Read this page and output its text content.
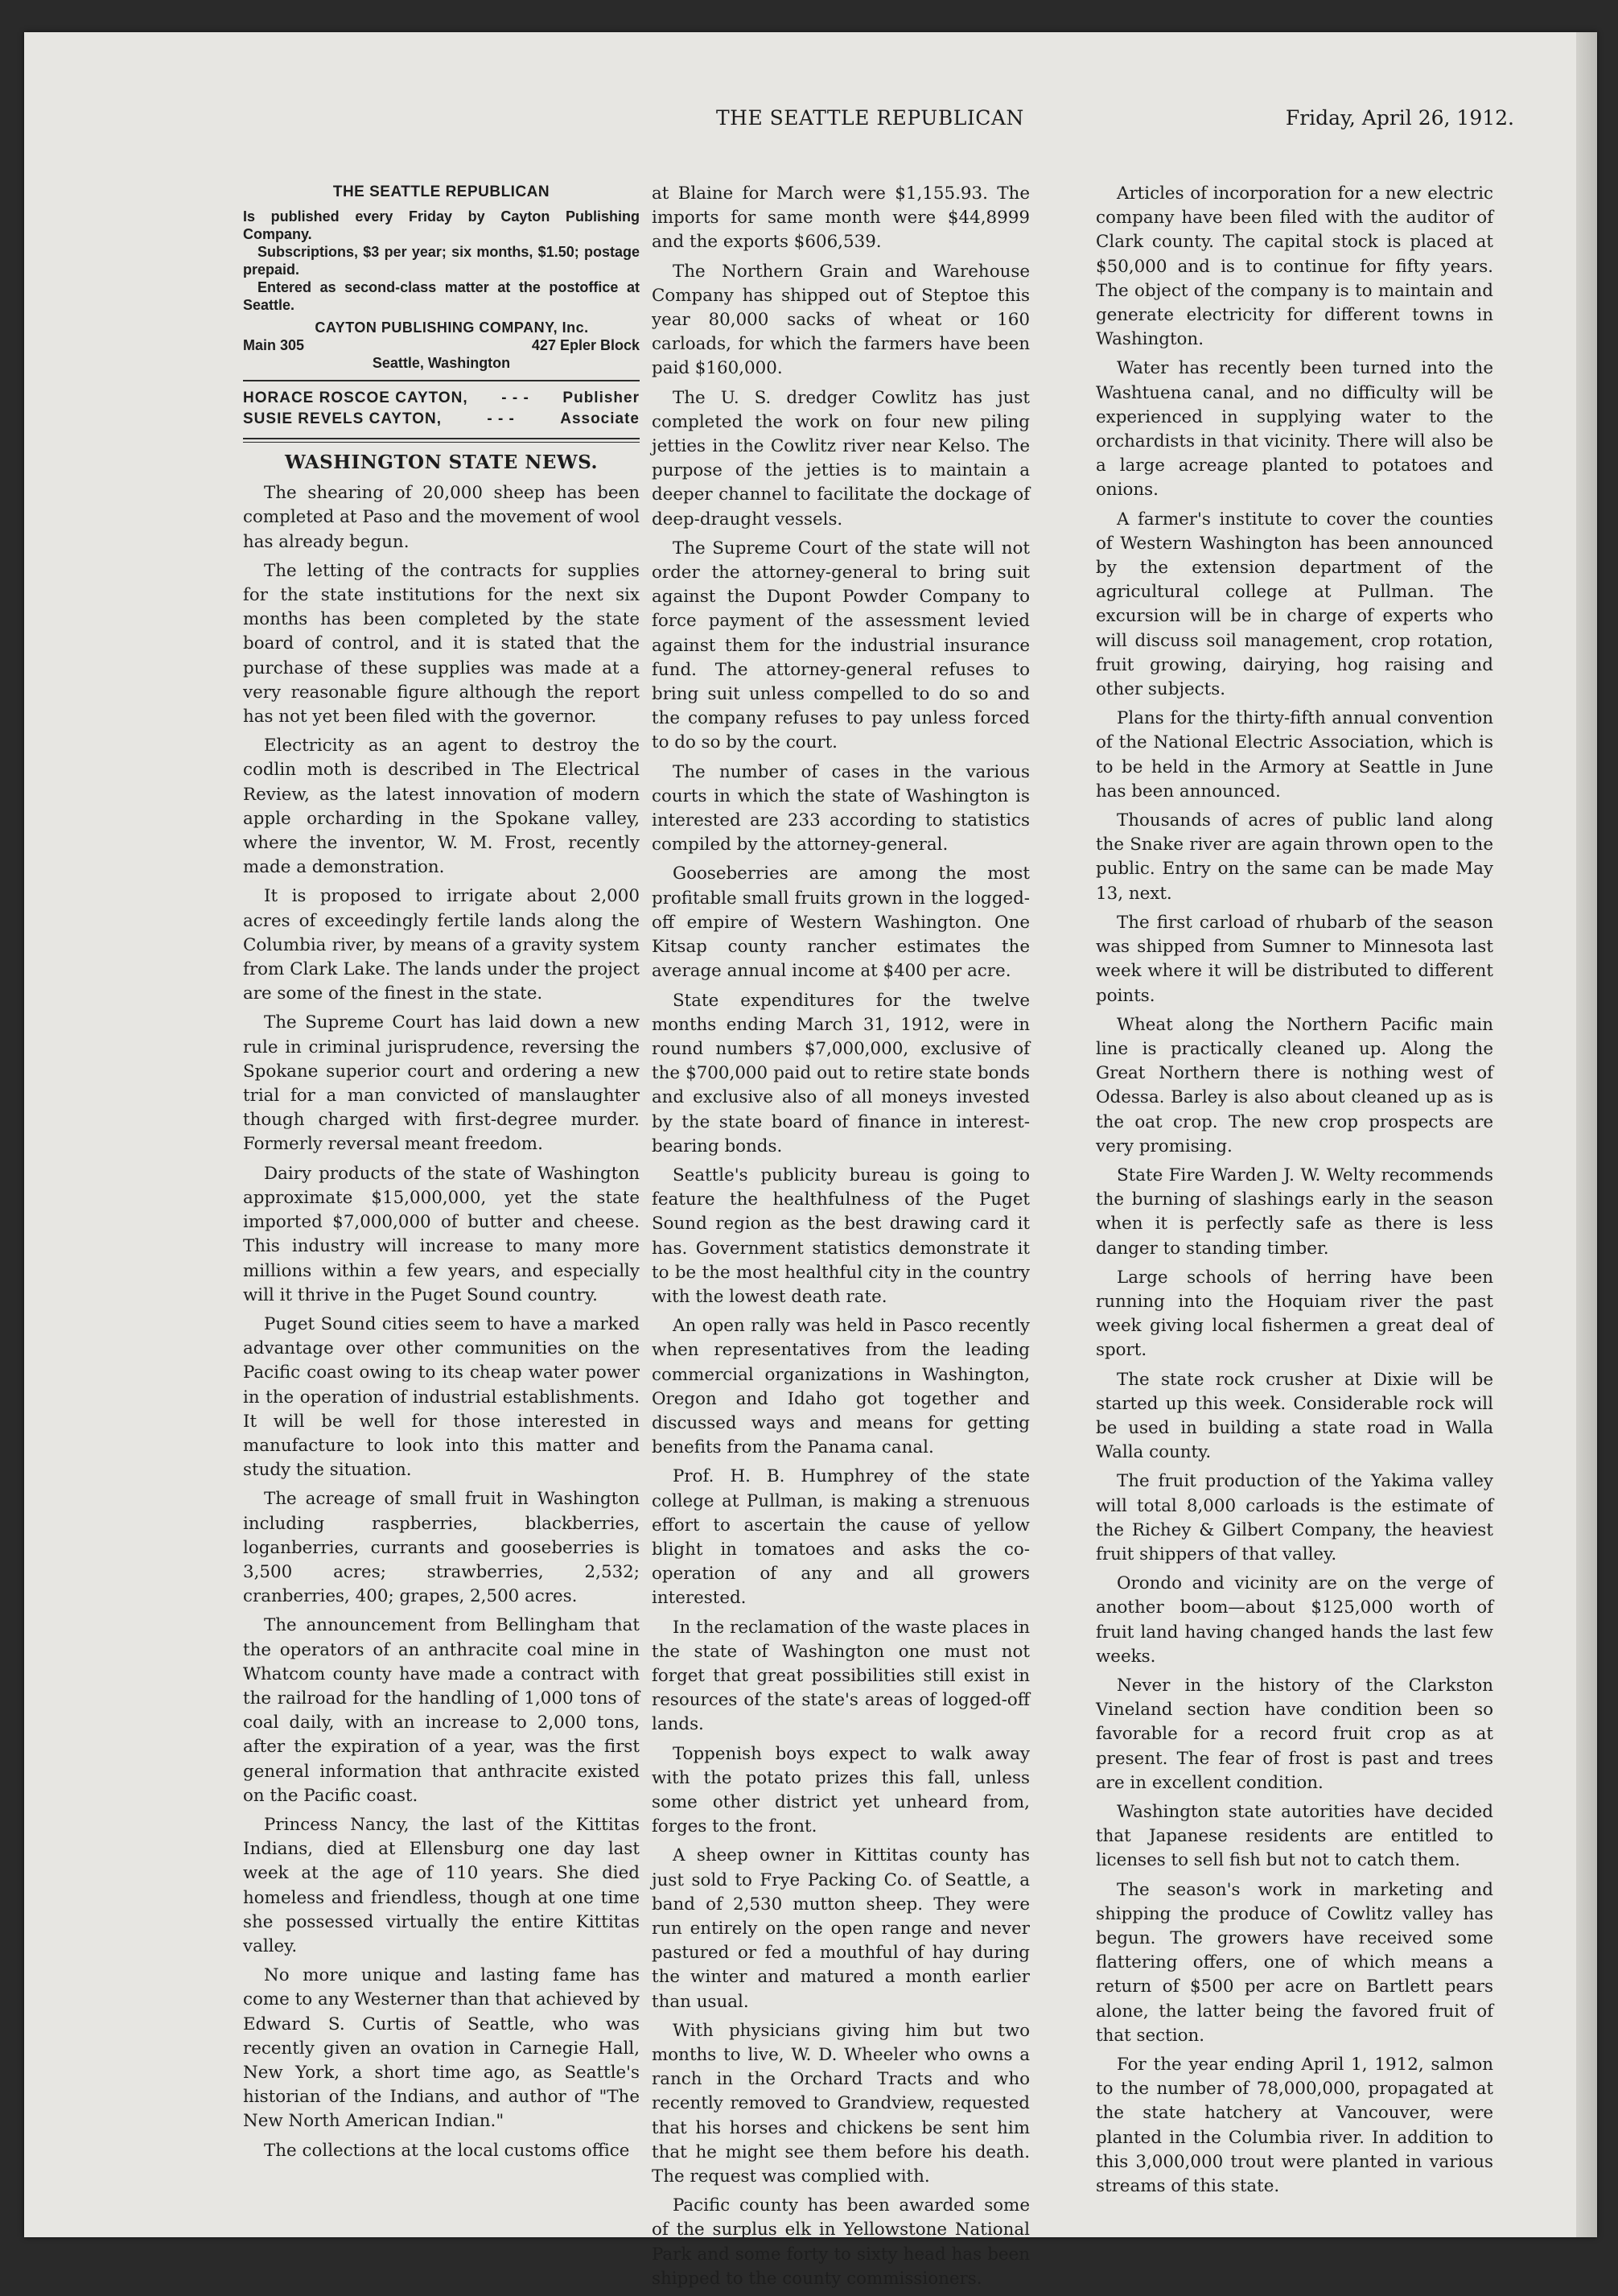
THE SEATTLE REPUBLICAN	Friday, April 26, 1912.
THE SEATTLE REPUBLICAN

Is published every Friday by Cayton Publishing Company.

Subscriptions, $3 per year; six months, $1.50; postage prepaid.

Entered as second-class matter at the postoffice at Seattle.

CAYTON PUBLISHING COMPANY, Inc.

Main 305	427 Epler Block
Seattle, Washington
HORACE ROSCOE CAYTON, - - - Publisher
SUSIE REVELS CAYTON,	- - -	Associate
WASHINGTON STATE NEWS.

The shearing of 20,000 sheep has been completed at Paso and the movement of wool has already begun.

The letting of the contracts for supplies for the state institutions for the next six months has been completed by the state board of control, and it is stated that the purchase of these supplies was made at a very reasonable figure although the report has not yet been filed with the governor.

Electricity as an agent to destroy the codlin moth is described in The Electrical Review, as the latest innovation of modern apple orcharding in the Spokane valley, where the inventor, W. M. Frost, recently made a demonstration.

It is proposed to irrigate about 2,000 acres of exceedingly fertile lands along the Columbia river, by means of a gravity system from Clark Lake. The lands under the project are some of the finest in the state.

The Supreme Court has laid down a new rule in criminal jurisprudence, reversing the Spokane superior court and ordering a new trial for a man convicted of manslaughter though charged with first-degree murder. Formerly reversal meant freedom.

Dairy products of the state of Washington approximate $15,000,000, yet the state imported $7,000,000 of butter and cheese. This industry will increase to many more millions within a few years, and especially will it thrive in the Puget Sound country.

Puget Sound cities seem to have a marked advantage over other communities on the Pacific coast owing to its cheap water power in the operation of industrial establishments. It will be well for those interested in manufacture to look into this matter and study the situation.

The acreage of small fruit in Washington including raspberries, blackberries, loganberries, currants and gooseberries is 3,500 acres; strawberries, 2,532; cranberries, 400; grapes, 2,500 acres.

The announcement from Bellingham that the operators of an anthracite coal mine in Whatcom county have made a contract with the railroad for the handling of 1,000 tons of coal daily, with an increase to 2,000 tons, after the expiration of a year, was the first general information that anthracite existed on the Pacific coast.

Princess Nancy, the last of the Kittitas Indians, died at Ellensburg one day last week at the age of 110 years. She died homeless and friendless, though at one time she possessed virtually the entire Kittitas valley.

No more unique and lasting fame has come to any Westerner than that achieved by Edward S. Curtis of Seattle, who was recently given an ovation in Carnegie Hall, New York, a short time ago, as Seattle's historian of the Indians, and author of "The New North American Indian."

The collections at the local customs office

at Blaine for March were $1,155.93. The imports for same month were $44,8999 and the exports $606,539.

The Northern Grain and Warehouse Company has shipped out of Steptoe this year 80,000 sacks of wheat or 160 carloads, for which the farmers have been paid $160,000.

The U. S. dredger Cowlitz has just completed the work on four new piling jetties in the Cowlitz river near Kelso. The purpose of the jetties is to maintain a deeper channel to facilitate the dockage of deep-draught vessels.

The Supreme Court of the state will not order the attorney-general to bring suit against the Dupont Powder Company to force payment of the assessment levied against them for the industrial insurance fund. The attorney-general refuses to bring suit unless compelled to do so and the company refuses to pay unless forced to do so by the court.

The number of cases in the various courts in which the state of Washington is interested are 233 according to statistics compiled by the attorney-general.

Gooseberries are among the most profitable small fruits grown in the logged-off empire of Western Washington. One Kitsap county rancher estimates the average annual income at $400 per acre.

State expenditures for the twelve months ending March 31, 1912, were in round numbers $7,000,000, exclusive of the $700,000 paid out to retire state bonds and exclusive also of all moneys invested by the state board of finance in interest-bearing bonds.

Seattle's publicity bureau is going to feature the healthfulness of the Puget Sound region as the best drawing card it has. Government statistics demonstrate it to be the most healthful city in the country with the lowest death rate.

An open rally was held in Pasco recently when representatives from the leading commercial organizations in Washington, Oregon and Idaho got together and discussed ways and means for getting benefits from the Panama canal.

Prof. H. B. Humphrey of the state college at Pullman, is making a strenuous effort to ascertain the cause of yellow blight in tomatoes and asks the co-operation of any and all growers interested.

In the reclamation of the waste places in the state of Washington one must not forget that great possibilities still exist in resources of the state's areas of logged-off lands.

Toppenish boys expect to walk away with the potato prizes this fall, unless some other district yet unheard from, forges to the front.

A sheep owner in Kittitas county has just sold to Frye Packing Co. of Seattle, a band of 2,530 mutton sheep. They were run entirely on the open range and never pastured or fed a mouthful of hay during the winter and matured a month earlier than usual.

With physicians giving him but two months to live, W. D. Wheeler who owns a ranch in the Orchard Tracts and who recently removed to Grandview, requested that his horses and chickens be sent him that he might see them before his death. The request was complied with.

Pacific county has been awarded some of the surplus elk in Yellowstone National Park and some forty to sixty head has been shipped to the county commissioners.

Articles of incorporation for a new electric company have been filed with the auditor of Clark county. The capital stock is placed at $50,000 and is to continue for fifty years. The object of the company is to maintain and generate electricity for different towns in Washington.

Water has recently been turned into the Washtuena canal, and no difficulty will be experienced in supplying water to the orchardists in that vicinity. There will also be a large acreage planted to potatoes and onions.

A farmer's institute to cover the counties of Western Washington has been announced by the extension department of the agricultural college at Pullman. The excursion will be in charge of experts who will discuss soil management, crop rotation, fruit growing, dairying, hog raising and other subjects.

Plans for the thirty-fifth annual convention of the National Electric Association, which is to be held in the Armory at Seattle in June has been announced.

Thousands of acres of public land along the Snake river are again thrown open to the public. Entry on the same can be made May 13, next.

The first carload of rhubarb of the season was shipped from Sumner to Minnesota last week where it will be distributed to different points.

Wheat along the Northern Pacific main line is practically cleaned up. Along the Great Northern there is nothing west of Odessa. Barley is also about cleaned up as is the oat crop. The new crop prospects are very promising.

State Fire Warden J. W. Welty recommends the burning of slashings early in the season when it is perfectly safe as there is less danger to standing timber.

Large schools of herring have been running into the Hoquiam river the past week giving local fishermen a great deal of sport.

The state rock crusher at Dixie will be started up this week. Considerable rock will be used in building a state road in Walla Walla county.

The fruit production of the Yakima valley will total 8,000 carloads is the estimate of the Richey & Gilbert Company, the heaviest fruit shippers of that valley.

Orondo and vicinity are on the verge of another boom—about $125,000 worth of fruit land having changed hands the last few weeks.

Never in the history of the Clarkston Vineland section have condition been so favorable for a record fruit crop as at present. The fear of frost is past and trees are in excellent condition.

Washington state autorities have decided that Japanese residents are entitled to licenses to sell fish but not to catch them.

The season's work in marketing and shipping the produce of Cowlitz valley has begun. The growers have received some flattering offers, one of which means a return of $500 per acre on Bartlett pears alone, the latter being the favored fruit of that section.

For the year ending April 1, 1912, salmon to the number of 78,000,000, propagated at the state hatchery at Vancouver, were planted in the Columbia river. In addition to this 3,000,000 trout were planted in various streams of this state.
